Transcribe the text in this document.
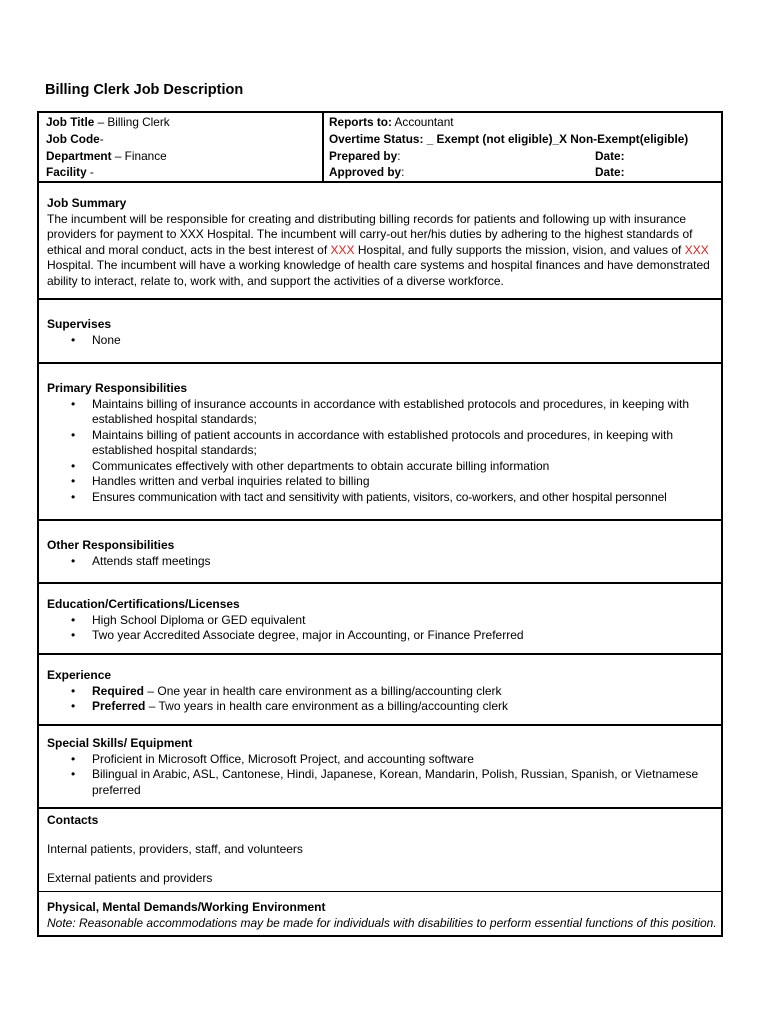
Billing Clerk Job Description
Job Title – Billing Clerk
Job Code-
Department – Finance
Facility -
Reports to: Accountant
Overtime Status: _ Exempt (not eligible)_X Non-Exempt(eligible)
Prepared by:	Date:
Approved by:	Date:
Job Summary

The incumbent will be responsible for creating and distributing billing records for patients and following up with insurance providers for payment to XXX Hospital. The incumbent will carry-out her/his duties by adhering to the highest standards of ethical and moral conduct, acts in the best interest of XXX Hospital, and fully supports the mission, vision, and values of XXX Hospital. The incumbent will have a working knowledge of health care systems and hospital finances and have demonstrated ability to interact, relate to, work with, and support the activities of a diverse workforce.

Supervises
• None
Primary Responsibilities
• Maintains billing of insurance accounts in accordance with established protocols and procedures, in keeping with established hospital standards;
• Maintains billing of patient accounts in accordance with established protocols and procedures, in keeping with established hospital standards;
• Communicates effectively with other departments to obtain accurate billing information
• Handles written and verbal inquiries related to billing
• Ensures communication with tact and sensitivity with patients, visitors, co-workers, and other hospital personnel
Other Responsibilities
• Attends staff meetings
Education/Certifications/Licenses
• High School Diploma or GED equivalent
• Two year Accredited Associate degree, major in Accounting, or Finance Preferred
Experience
• Required – One year in health care environment as a billing/accounting clerk
• Preferred – Two years in health care environment as a billing/accounting clerk
Special Skills/ Equipment
• Proficient in Microsoft Office, Microsoft Project, and accounting software
• Bilingual in Arabic, ASL, Cantonese, Hindi, Japanese, Korean, Mandarin, Polish, Russian, Spanish, or Vietnamese preferred
Contacts

Internal patients, providers, staff, and volunteers

External patients and providers

Physical, Mental Demands/Working Environment

Note: Reasonable accommodations may be made for individuals with disabilities to perform essential functions of this position.
